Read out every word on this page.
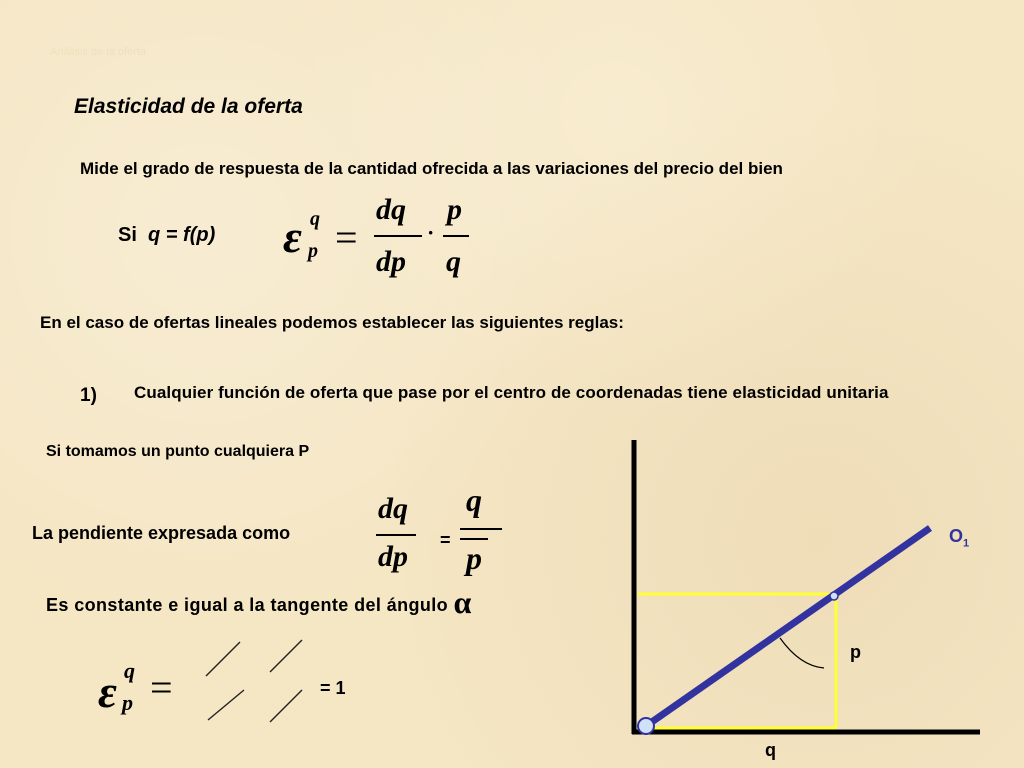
Análisis de la oferta
Elasticidad de la oferta
Mide el grado de respuesta de la cantidad ofrecida a las variaciones del precio del bien
Si q = f(p) ε q
p =
dq
dp
·
p
q
En el caso de ofertas lineales podemos establecer las siguientes reglas:
1) Cualquier función de oferta que pase por el centro de coordenadas tiene elasticidad unitaria
Si tomamos un punto cualquiera P
La pendiente expresada como
dq
dp =
q
p
Es constante e igual a la tangente del ángulo α
ε q
p =	= 1
$O_1$
p
q
